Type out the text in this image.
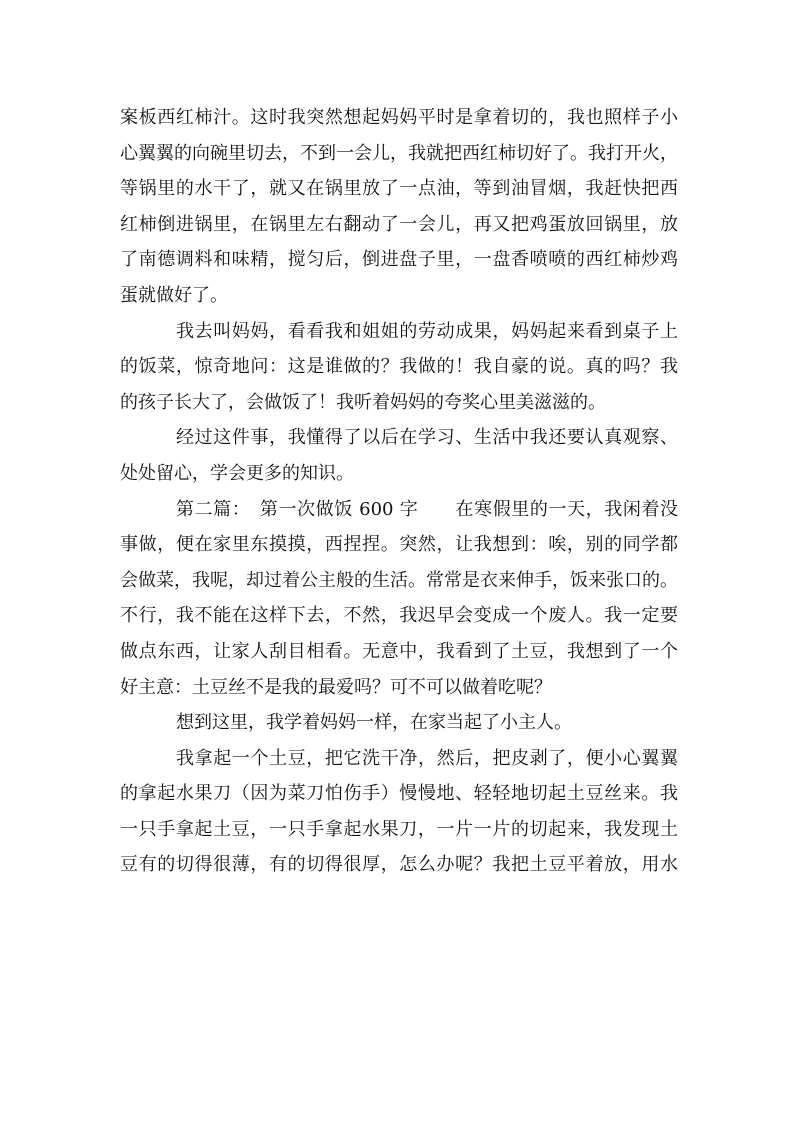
案板西红柿汁。这时我突然想起妈妈平时是拿着切的，我也照样子小
心翼翼的向碗里切去，不到一会儿，我就把西红柿切好了。我打开火，
等锅里的水干了，就又在锅里放了一点油，等到油冒烟，我赶快把西
红柿倒进锅里，在锅里左右翻动了一会儿，再又把鸡蛋放回锅里，放
了南德调料和味精，搅匀后，倒进盘子里，一盘香喷喷的西红柿炒鸡
蛋就做好了。
我去叫妈妈，看看我和姐姐的劳动成果，妈妈起来看到桌子上
的饭菜，惊奇地问：这是谁做的？我做的！我自豪的说。真的吗？我
的孩子长大了，会做饭了！我听着妈妈的夸奖心里美滋滋的。
经过这件事，我懂得了以后在学习、生活中我还要认真观察、
处处留心，学会更多的知识。
第二篇：　第一次做饭 600 字　　在寒假里的一天，我闲着没
事做，便在家里东摸摸，西捏捏。突然，让我想到：唉，别的同学都
会做菜，我呢，却过着公主般的生活。常常是衣来伸手，饭来张口的。
不行，我不能在这样下去，不然，我迟早会变成一个废人。我一定要
做点东西，让家人刮目相看。无意中，我看到了土豆，我想到了一个
好主意：土豆丝不是我的最爱吗？可不可以做着吃呢？
想到这里，我学着妈妈一样，在家当起了小主人。
我拿起一个土豆，把它洗干净，然后，把皮剥了，便小心翼翼
的拿起水果刀（因为菜刀怕伤手）慢慢地、轻轻地切起土豆丝来。我
一只手拿起土豆，一只手拿起水果刀，一片一片的切起来，我发现土
豆有的切得很薄，有的切得很厚，怎么办呢？我把土豆平着放，用水
